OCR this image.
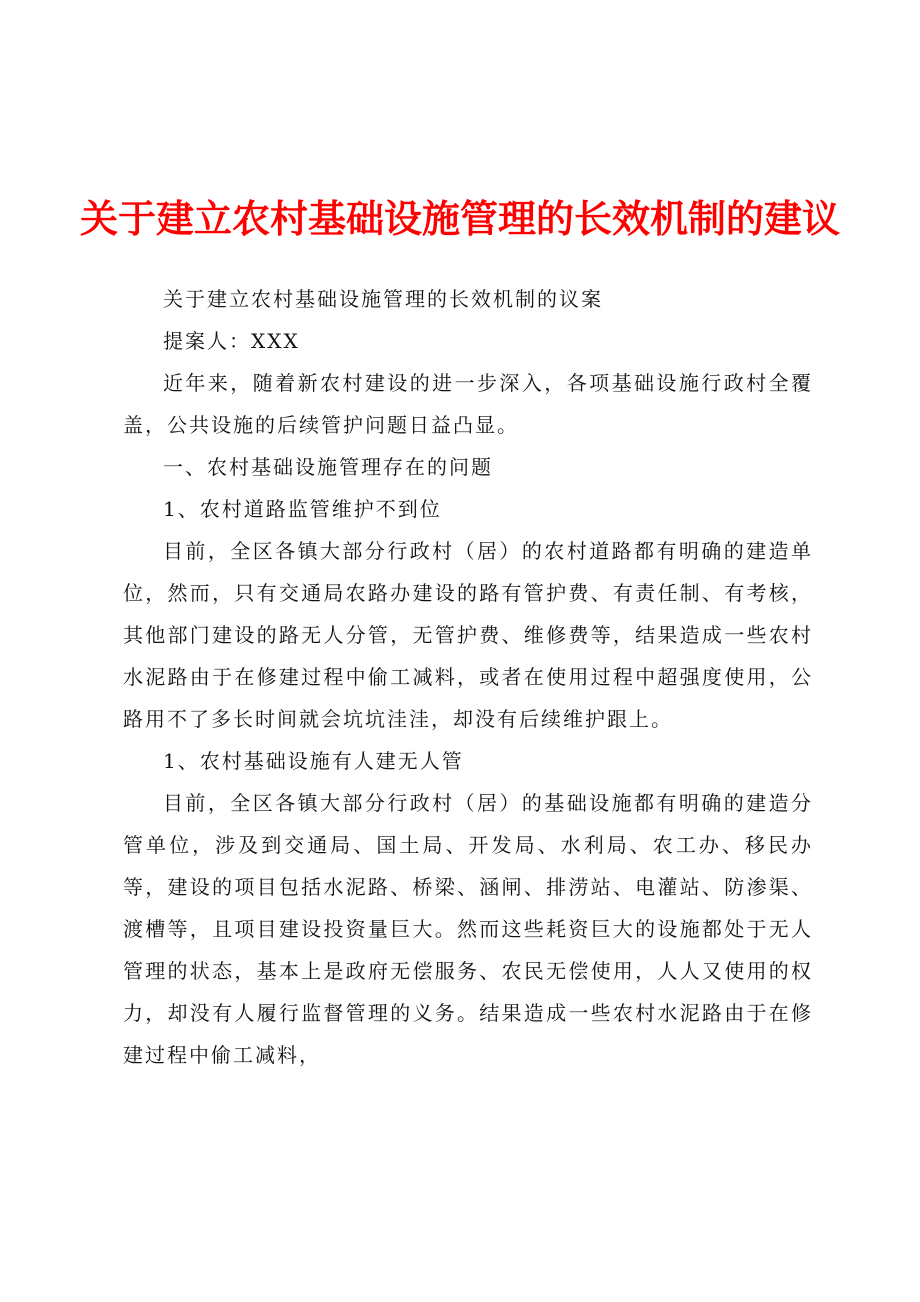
关于建立农村基础设施管理的长效机制的建议

关于建立农村基础设施管理的长效机制的议案

提案人：XXX

近年来，随着新农村建设的进一步深入，各项基础设施行政村全覆盖，公共设施的后续管护问题日益凸显。

一、农村基础设施管理存在的问题

1、农村道路监管维护不到位

目前，全区各镇大部分行政村（居）的农村道路都有明确的建造单位，然而，只有交通局农路办建设的路有管护费、有责任制、有考核，其他部门建设的路无人分管，无管护费、维修费等，结果造成一些农村水泥路由于在修建过程中偷工减料，或者在使用过程中超强度使用，公路用不了多长时间就会坑坑洼洼，却没有后续维护跟上。

1、农村基础设施有人建无人管

目前，全区各镇大部分行政村（居）的基础设施都有明确的建造分管单位，涉及到交通局、国土局、开发局、水利局、农工办、移民办等，建设的项目包括水泥路、桥梁、涵闸、排涝站、电灌站、防渗渠、渡槽等，且项目建设投资量巨大。然而这些耗资巨大的设施都处于无人管理的状态，基本上是政府无偿服务、农民无偿使用，人人又使用的权力，却没有人履行监督管理的义务。结果造成一些农村水泥路由于在修建过程中偷工减料，
